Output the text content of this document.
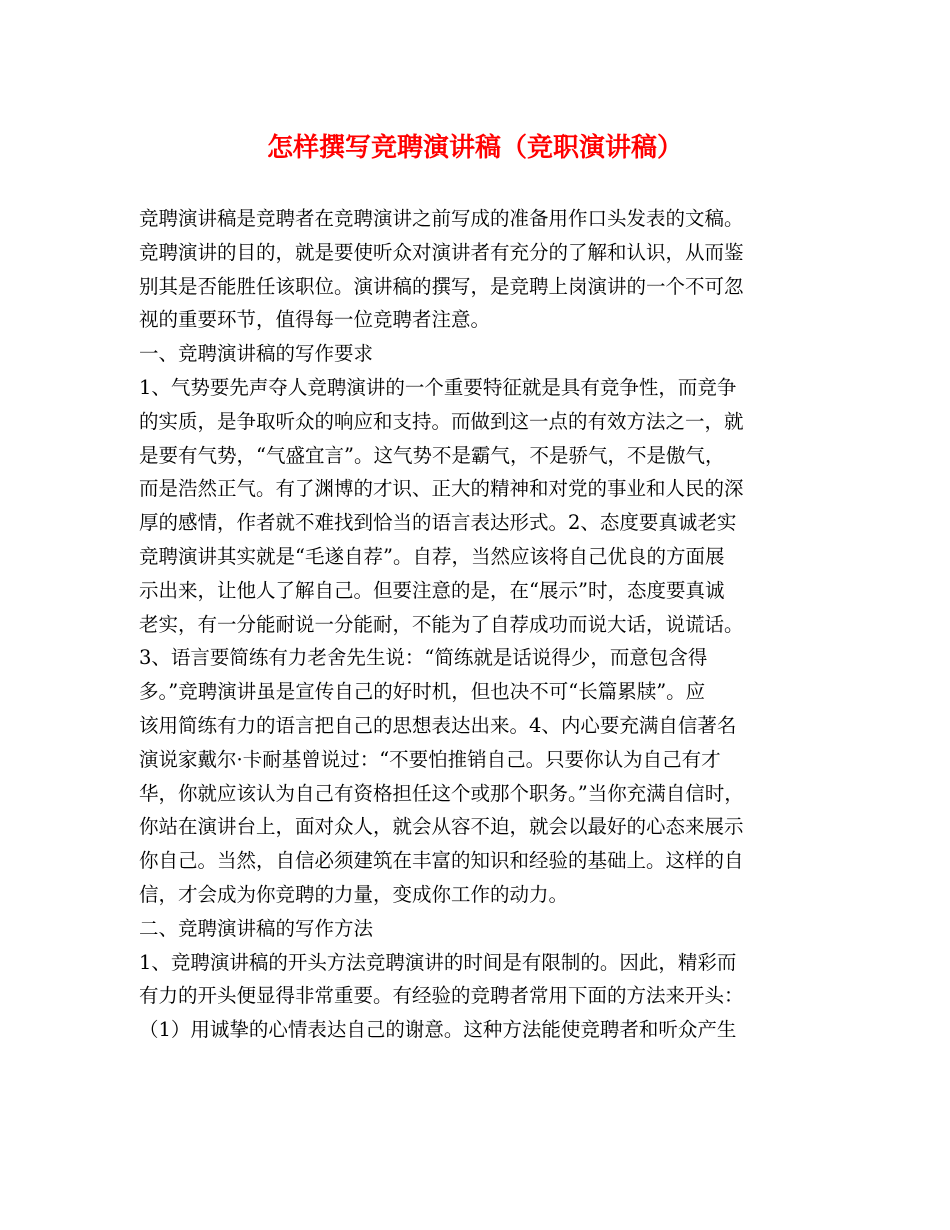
怎样撰写竞聘演讲稿（竞职演讲稿）
竞聘演讲稿是竞聘者在竞聘演讲之前写成的准备用作口头发表的文稿。
竞聘演讲的目的，就是要使听众对演讲者有充分的了解和认识，从而鉴
别其是否能胜任该职位。演讲稿的撰写，是竞聘上岗演讲的一个不可忽
视的重要环节，值得每一位竞聘者注意。
一、竞聘演讲稿的写作要求
1、气势要先声夺人竞聘演讲的一个重要特征就是具有竞争性，而竞争
的实质，是争取听众的响应和支持。而做到这一点的有效方法之一，就
是要有气势，“气盛宜言”。这气势不是霸气，不是骄气，不是傲气，
而是浩然正气。有了渊博的才识、正大的精神和对党的事业和人民的深
厚的感情，作者就不难找到恰当的语言表达形式。2、态度要真诚老实
竞聘演讲其实就是“毛遂自荐”。自荐，当然应该将自己优良的方面展
示出来，让他人了解自己。但要注意的是，在“展示”时，态度要真诚
老实，有一分能耐说一分能耐，不能为了自荐成功而说大话，说谎话。
3、语言要简练有力老舍先生说：“简练就是话说得少，而意包含得
多。”竞聘演讲虽是宣传自己的好时机，但也决不可“长篇累牍”。应
该用简练有力的语言把自己的思想表达出来。4、内心要充满自信著名
演说家戴尔·卡耐基曾说过：“不要怕推销自己。只要你认为自己有才
华，你就应该认为自己有资格担任这个或那个职务。”当你充满自信时，
你站在演讲台上，面对众人，就会从容不迫，就会以最好的心态来展示
你自己。当然，自信必须建筑在丰富的知识和经验的基础上。这样的自
信，才会成为你竞聘的力量，变成你工作的动力。
二、竞聘演讲稿的写作方法
1、竞聘演讲稿的开头方法竞聘演讲的时间是有限制的。因此，精彩而
有力的开头便显得非常重要。有经验的竞聘者常用下面的方法来开头：
（1）用诚挚的心情表达自己的谢意。这种方法能使竞聘者和听众产生
